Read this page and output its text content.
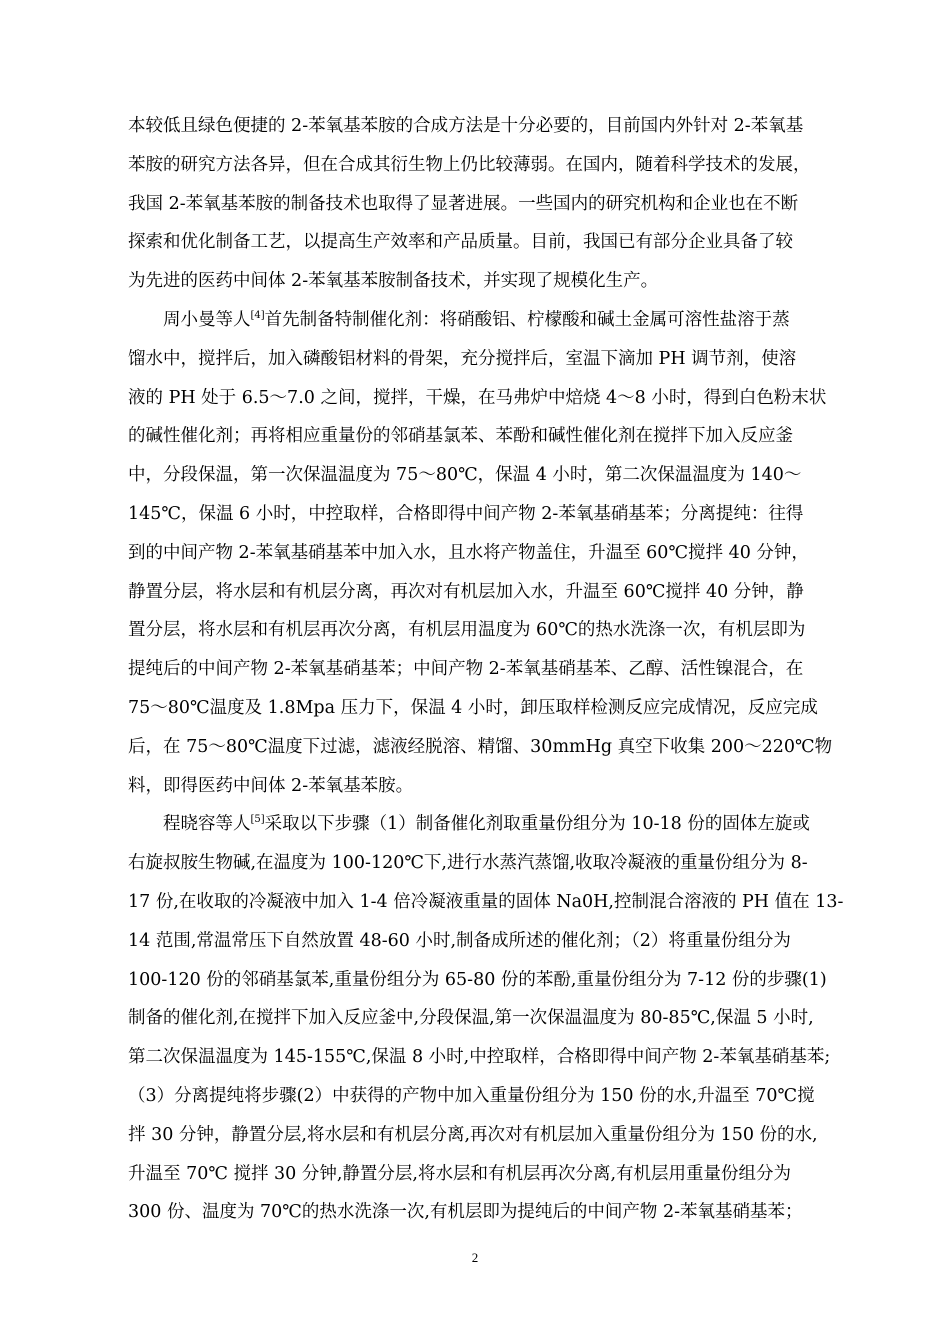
本较低且绿色便捷的 2-苯氧基苯胺的合成方法是十分必要的，目前国内外针对 2-苯氧基
苯胺的研究方法各异，但在合成其衍生物上仍比较薄弱。在国内，随着科学技术的发展，
我国 2-苯氧基苯胺的制备技术也取得了显著进展。一些国内的研究机构和企业也在不断
探索和优化制备工艺，以提高生产效率和产品质量。目前，我国已有部分企业具备了较
为先进的医药中间体 2-苯氧基苯胺制备技术，并实现了规模化生产。
周小曼等人[4]首先制备特制催化剂：将硝酸铝、柠檬酸和碱土金属可溶性盐溶于蒸
馏水中，搅拌后，加入磷酸铝材料的骨架，充分搅拌后，室温下滴加 PH 调节剂，使溶
液的 PH 处于 6.5～7.0 之间，搅拌，干燥，在马弗炉中焙烧 4～8 小时，得到白色粉末状
的碱性催化剂；再将相应重量份的邻硝基氯苯、苯酚和碱性催化剂在搅拌下加入反应釜
中，分段保温，第一次保温温度为 75～80℃，保温 4 小时，第二次保温温度为 140～
145℃，保温 6 小时，中控取样，合格即得中间产物 2-苯氧基硝基苯；分离提纯：往得
到的中间产物 2-苯氧基硝基苯中加入水，且水将产物盖住，升温至 60℃搅拌 40 分钟，
静置分层，将水层和有机层分离，再次对有机层加入水，升温至 60℃搅拌 40 分钟，静
置分层，将水层和有机层再次分离，有机层用温度为 60℃的热水洗涤一次，有机层即为
提纯后的中间产物 2-苯氧基硝基苯；中间产物 2-苯氧基硝基苯、乙醇、活性镍混合，在
75～80℃温度及 1.8Mpa 压力下，保温 4 小时，卸压取样检测反应完成情况，反应完成
后，在 75～80℃温度下过滤，滤液经脱溶、精馏、30mmHg 真空下收集 200～220℃物
料，即得医药中间体 2-苯氧基苯胺。
程晓容等人[5]采取以下步骤（1）制备催化剂取重量份组分为 10-18 份的固体左旋或
右旋叔胺生物碱,在温度为 100-120℃下,进行水蒸汽蒸馏,收取冷凝液的重量份组分为 8-
17 份,在收取的冷凝液中加入 1-4 倍冷凝液重量的固体 Na0H,控制混合溶液的 PH 值在 13-
14 范围,常温常压下自然放置 48-60 小时,制备成所述的催化剂；（2）将重量份组分为
100-120 份的邻硝基氯苯,重量份组分为 65-80 份的苯酚,重量份组分为 7-12 份的步骤(1)
制备的催化剂,在搅拌下加入反应釜中,分段保温,第一次保温温度为 80-85℃,保温 5 小时,
第二次保温温度为 145-155℃,保温 8 小时,中控取样，合格即得中间产物 2-苯氧基硝基苯;
（3）分离提纯将步骤(2）中获得的产物中加入重量份组分为 150 份的水,升温至 70℃搅
拌 30 分钟，静置分层,将水层和有机层分离,再次对有机层加入重量份组分为 150 份的水,
升温至 70℃ 搅拌 30 分钟,静置分层,将水层和有机层再次分离,有机层用重量份组分为
300 份、温度为 70℃的热水洗涤一次,有机层即为提纯后的中间产物 2-苯氧基硝基苯；
2
